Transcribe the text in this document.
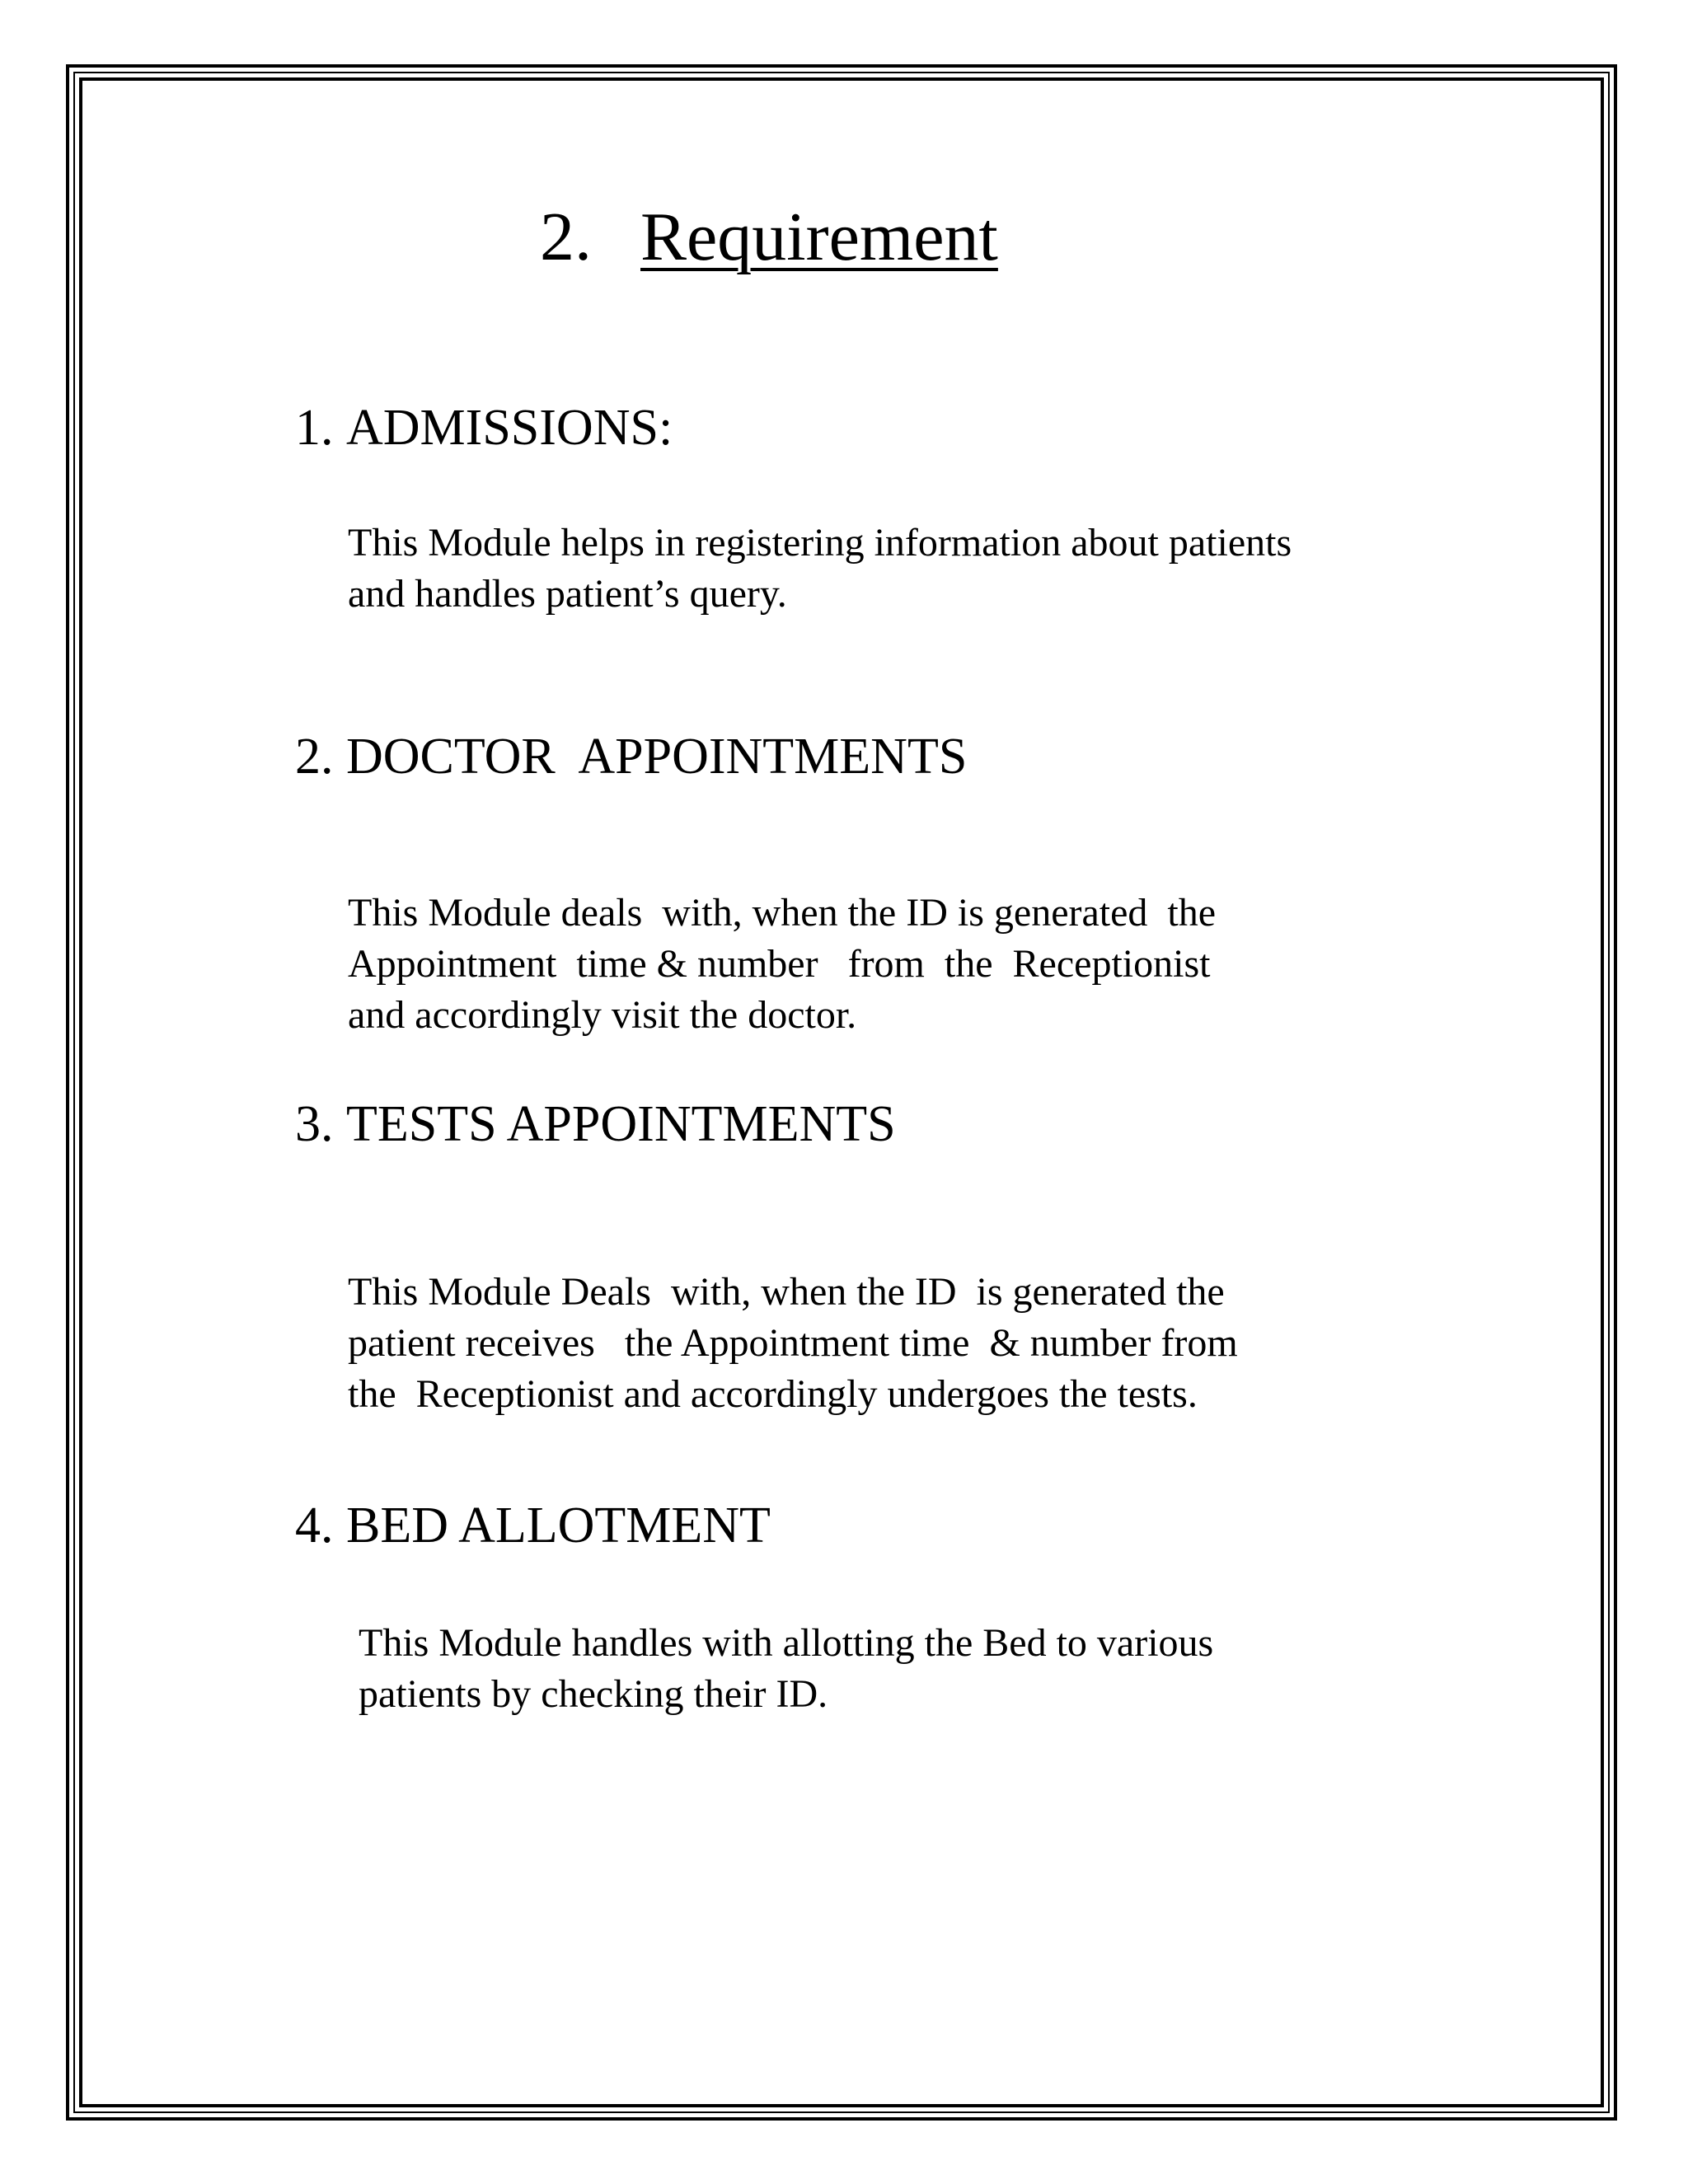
2. Requirement
1. ADMISSIONS:

This Module helps in registering information about patients
and handles patient’s query.

2. DOCTOR  APPOINTMENTS

This Module deals  with, when the ID is generated  the
Appointment  time & number   from  the  Receptionist
and accordingly visit the doctor.

3. TESTS APPOINTMENTS

This Module Deals  with, when the ID  is generated the
patient receives   the Appointment time  & number from
the  Receptionist and accordingly undergoes the tests.

4. BED ALLOTMENT

This Module handles with allotting the Bed to various
patients by checking their ID.
